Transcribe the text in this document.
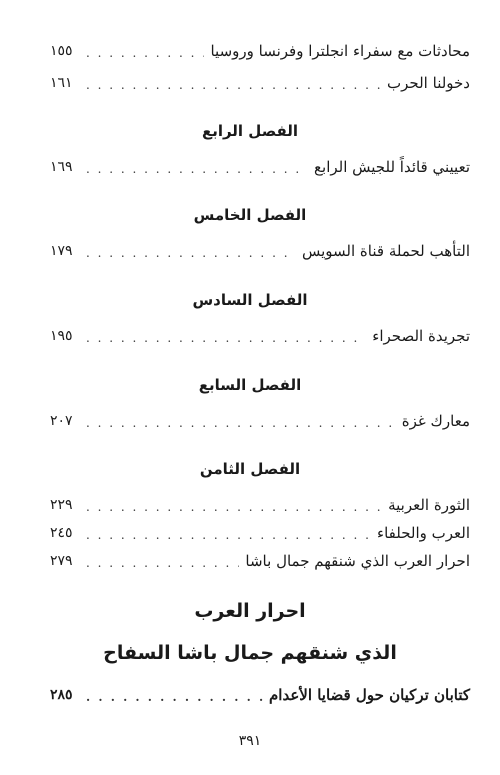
محادثات مع سفراء انجلترا وفرنسا وروسيا
. . .
١٥٥
دخولنا الحرب
. . .
١٦١
الفصل الرابع
تعييني قائداً للجيش الرابع
. . .
١٦٩
الفصل الخامس
التأهب لحملة قناة السويس
. . .
١٧٩
الفصل السادس
تجريدة الصحراء
. . .
١٩٥
الفصل السابع
معارك غزة
. . .
٢٠٧
الفصل الثامن
الثورة العربية
. . .
٢٢٩
العرب والحلفاء
. . .
٢٤٥
احرار العرب الذي شنقهم جمال باشا
. . .
٢٧٩
احرار العرب
الذي شنقهم جمال باشا السفاح
كتابان تركيان حول قضايا الأعدام
. . .
٢٨٥
٣٩١
